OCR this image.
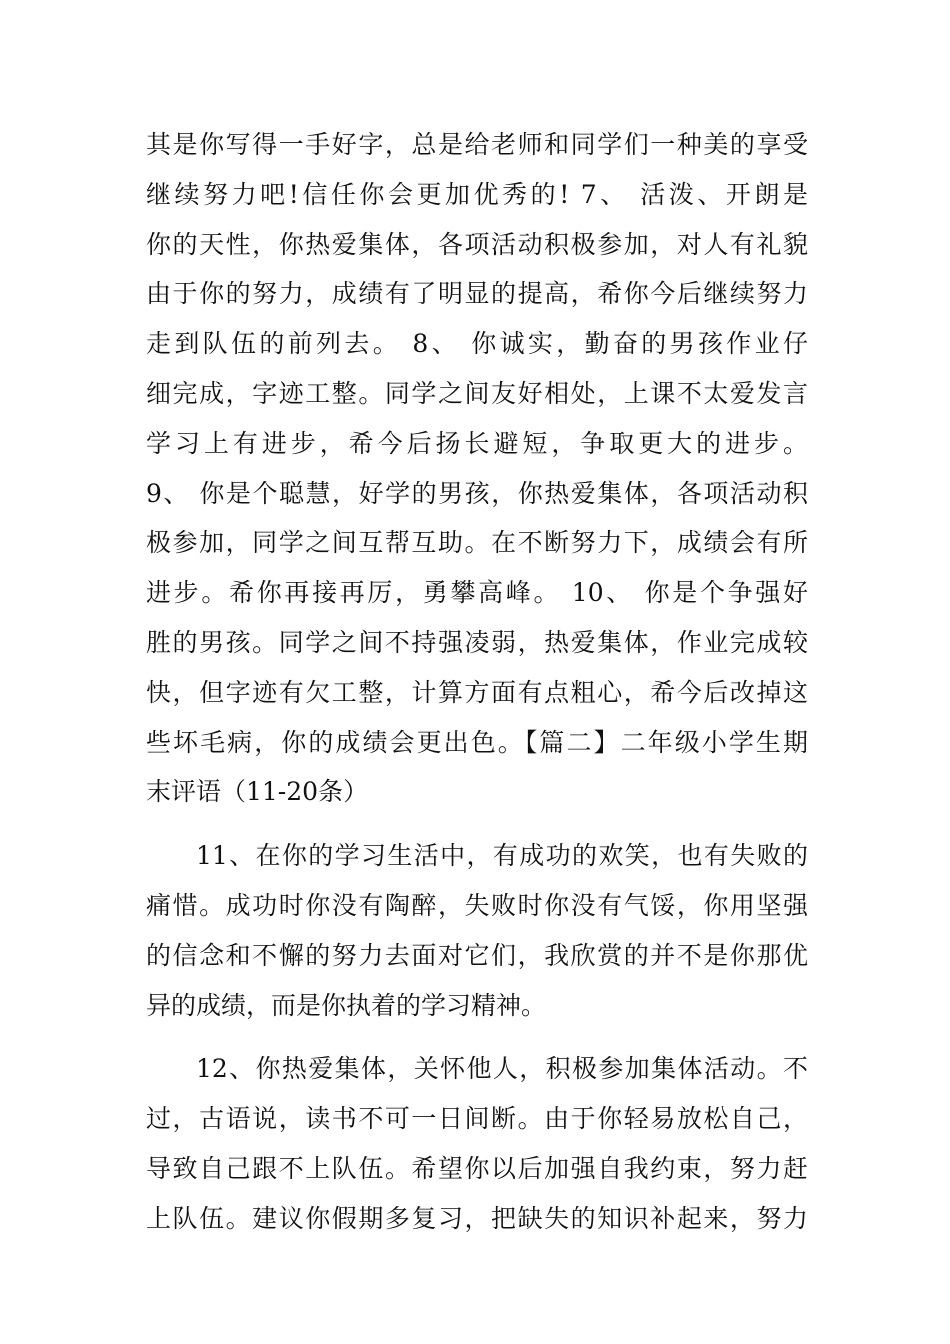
其是你写得一手好字，总是给老师和同学们一种美的享受
继续努力吧!信任你会更加优秀的! 7、 活泼、开朗是
你的天性，你热爱集体，各项活动积极参加，对人有礼貌
由于你的努力，成绩有了明显的提高，希你今后继续努力
走到队伍的前列去。 8、 你诚实，勤奋的男孩作业仔
细完成，字迹工整。同学之间友好相处，上课不太爱发言
学习上有进步，希今后扬长避短，争取更大的进步。
9、 你是个聪慧，好学的男孩，你热爱集体，各项活动积
极参加，同学之间互帮互助。在不断努力下，成绩会有所
进步。希你再接再厉，勇攀高峰。 10、 你是个争强好
胜的男孩。同学之间不持强凌弱，热爱集体，作业完成较
快，但字迹有欠工整，计算方面有点粗心，希今后改掉这
些坏毛病，你的成绩会更出色。【篇二】二年级小学生期
末评语（11-20条）
11、在你的学习生活中，有成功的欢笑，也有失败的
痛惜。成功时你没有陶醉，失败时你没有气馁，你用坚强
的信念和不懈的努力去面对它们，我欣赏的并不是你那优
异的成绩，而是你执着的学习精神。
12、你热爱集体，关怀他人，积极参加集体活动。不
过，古语说，读书不可一日间断。由于你轻易放松自己，
导致自己跟不上队伍。希望你以后加强自我约束，努力赶
上队伍。建议你假期多复习，把缺失的知识补起来，努力
